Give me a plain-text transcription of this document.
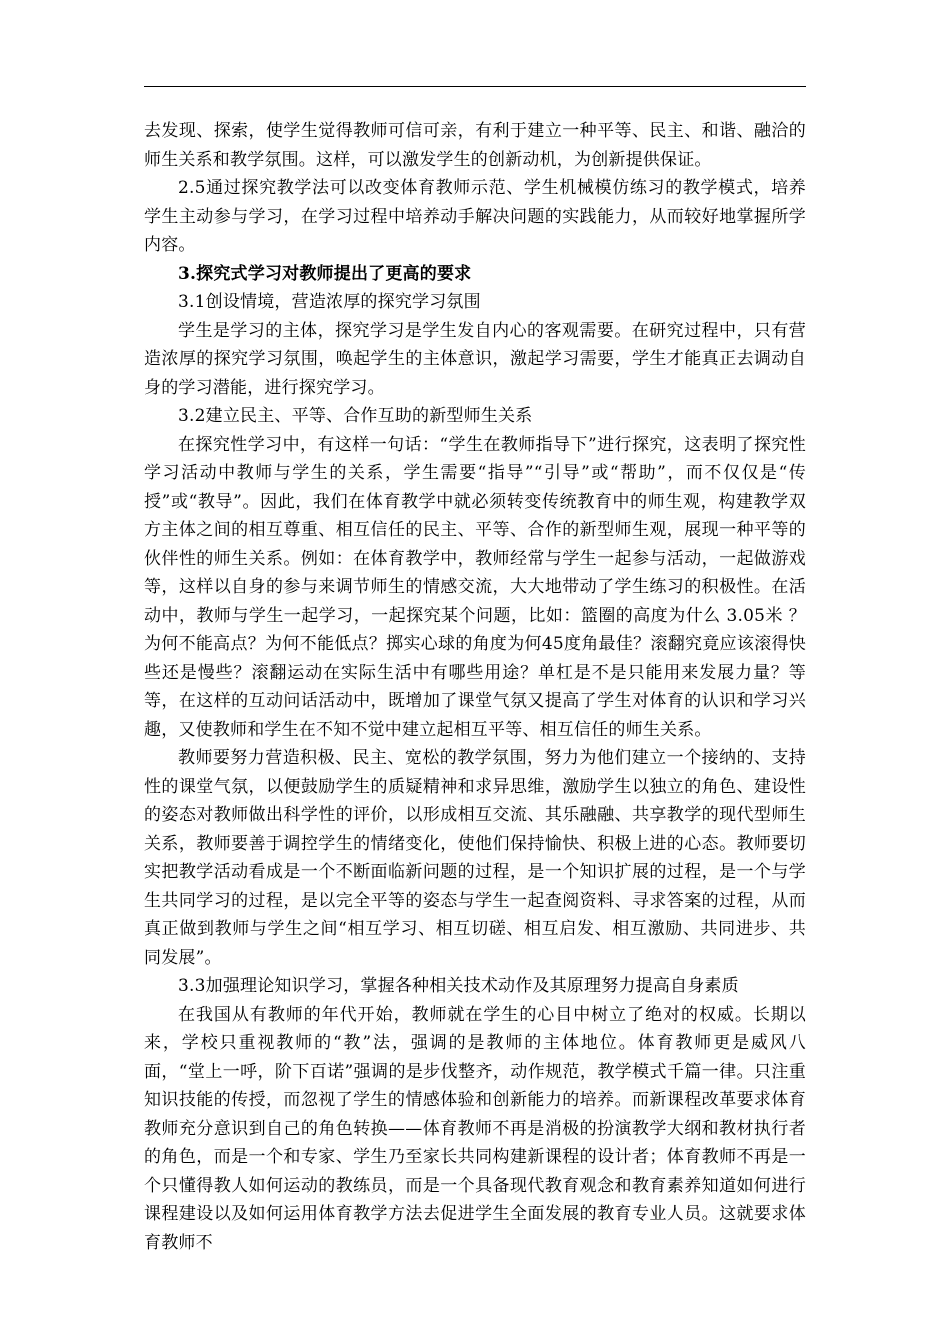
去发现、探索，使学生觉得教师可信可亲，有利于建立一种平等、民主、和谐、融洽的师生关系和教学氛围。这样，可以激发学生的创新动机，为创新提供保证。

2.5通过探究教学法可以改变体育教师示范、学生机械模仿练习的教学模式，培养学生主动参与学习，在学习过程中培养动手解决问题的实践能力，从而较好地掌握所学内容。

3.探究式学习对教师提出了更高的要求

3.1创设情境，营造浓厚的探究学习氛围

学生是学习的主体，探究学习是学生发自内心的客观需要。在研究过程中，只有营造浓厚的探究学习氛围，唤起学生的主体意识，激起学习需要，学生才能真正去调动自身的学习潜能，进行探究学习。

3.2建立民主、平等、合作互助的新型师生关系

在探究性学习中，有这样一句话：“学生在教师指导下”进行探究，这表明了探究性学习活动中教师与学生的关系，学生需要“指导”“引导”或“帮助”，而不仅仅是“传授”或“教导”。因此，我们在体育教学中就必须转变传统教育中的师生观，构建教学双方主体之间的相互尊重、相互信任的民主、平等、合作的新型师生观，展现一种平等的伙伴性的师生关系。例如：在体育教学中，教师经常与学生一起参与活动，一起做游戏等，这样以自身的参与来调节师生的情感交流，大大地带动了学生练习的积极性。在活动中，教师与学生一起学习，一起探究某个问题，比如：篮圈的高度为什么 3.05米 ？为何不能高点？为何不能低点？掷实心球的角度为何45度角最佳？滚翻究竟应该滚得快些还是慢些？滚翻运动在实际生活中有哪些用途？单杠是不是只能用来发展力量？等等，在这样的互动问话活动中，既增加了课堂气氛又提高了学生对体育的认识和学习兴趣，又使教师和学生在不知不觉中建立起相互平等、相互信任的师生关系。

教师要努力营造积极、民主、宽松的教学氛围，努力为他们建立一个接纳的、支持性的课堂气氛，以便鼓励学生的质疑精神和求异思维，激励学生以独立的角色、建设性的姿态对教师做出科学性的评价，以形成相互交流、其乐融融、共享教学的现代型师生关系，教师要善于调控学生的情绪变化，使他们保持愉快、积极上进的心态。教师要切实把教学活动看成是一个不断面临新问题的过程，是一个知识扩展的过程，是一个与学生共同学习的过程，是以完全平等的姿态与学生一起查阅资料、寻求答案的过程，从而真正做到教师与学生之间“相互学习、相互切磋、相互启发、相互激励、共同进步、共同发展”。

3.3加强理论知识学习，掌握各种相关技术动作及其原理努力提高自身素质

在我国从有教师的年代开始，教师就在学生的心目中树立了绝对的权威。长期以来，学校只重视教师的“教”法，强调的是教师的主体地位。体育教师更是威风八面，“堂上一呼，阶下百诺”强调的是步伐整齐，动作规范，教学模式千篇一律。只注重知识技能的传授，而忽视了学生的情感体验和创新能力的培养。而新课程改革要求体育教师充分意识到自己的角色转换——体育教师不再是消极的扮演教学大纲和教材执行者的角色，而是一个和专家、学生乃至家长共同构建新课程的设计者；体育教师不再是一个只懂得教人如何运动的教练员，而是一个具备现代教育观念和教育素养知道如何进行课程建设以及如何运用体育教学方法去促进学生全面发展的教育专业人员。这就要求体育教师不
